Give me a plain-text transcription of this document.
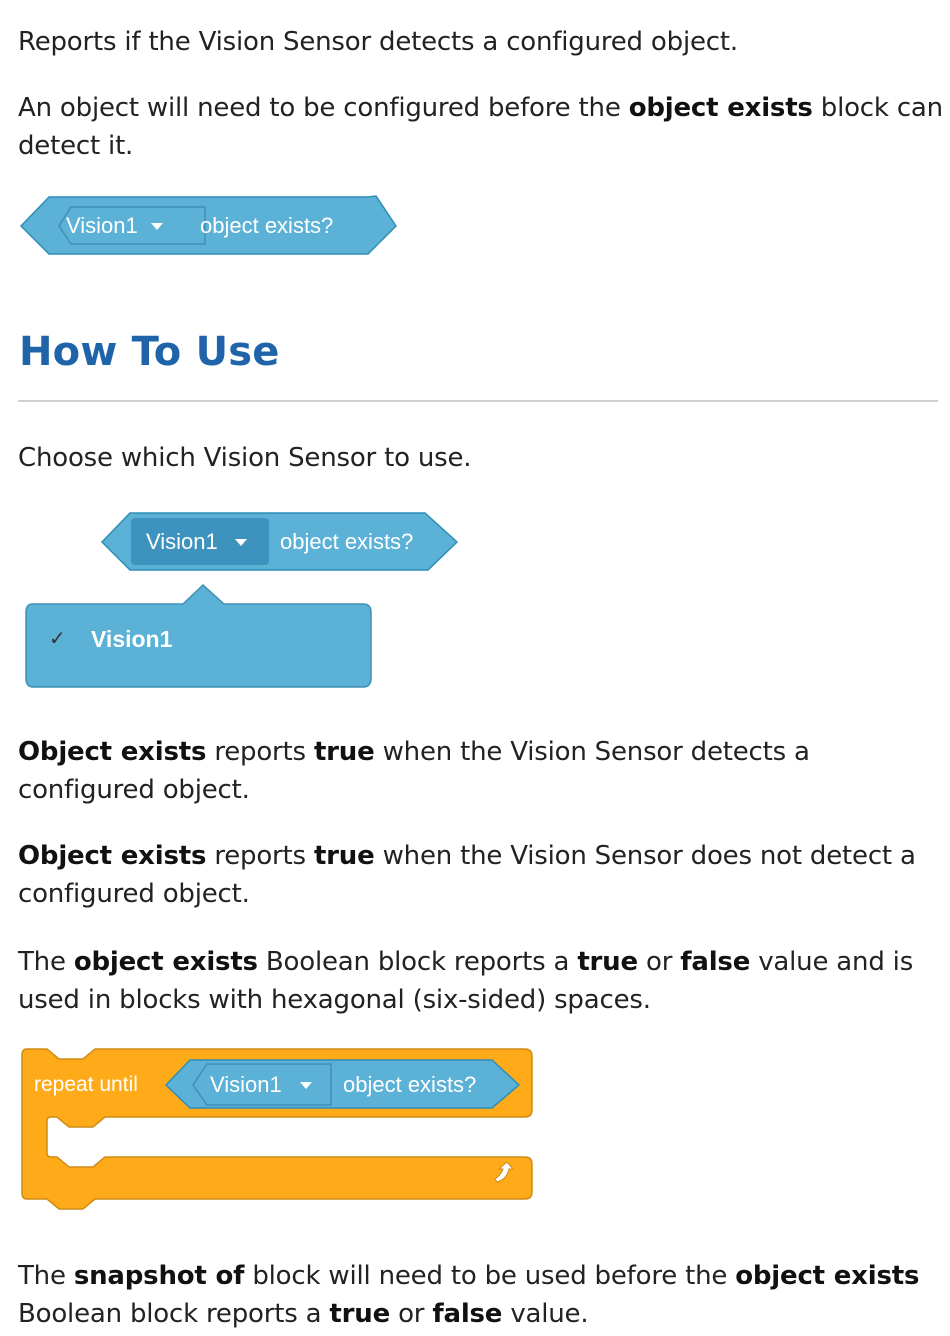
Reports if the Vision Sensor detects a configured object.

An object will need to be configured before the object exists block can detect it.

Vision1	object exists?
How To Use

Choose which Vision Sensor to use.

Vision1	object exists?
✓ Vision1

Object exists reports true when the Vision Sensor detects a configured object.

Object exists reports true when the Vision Sensor does not detect a configured object.

The object exists Boolean block reports a true or false value and is used in blocks with hexagonal (six-sided) spaces.

repeat until	Vision1	object exists?

The snapshot of block will need to be used before the object exists Boolean block reports a true or false value.
